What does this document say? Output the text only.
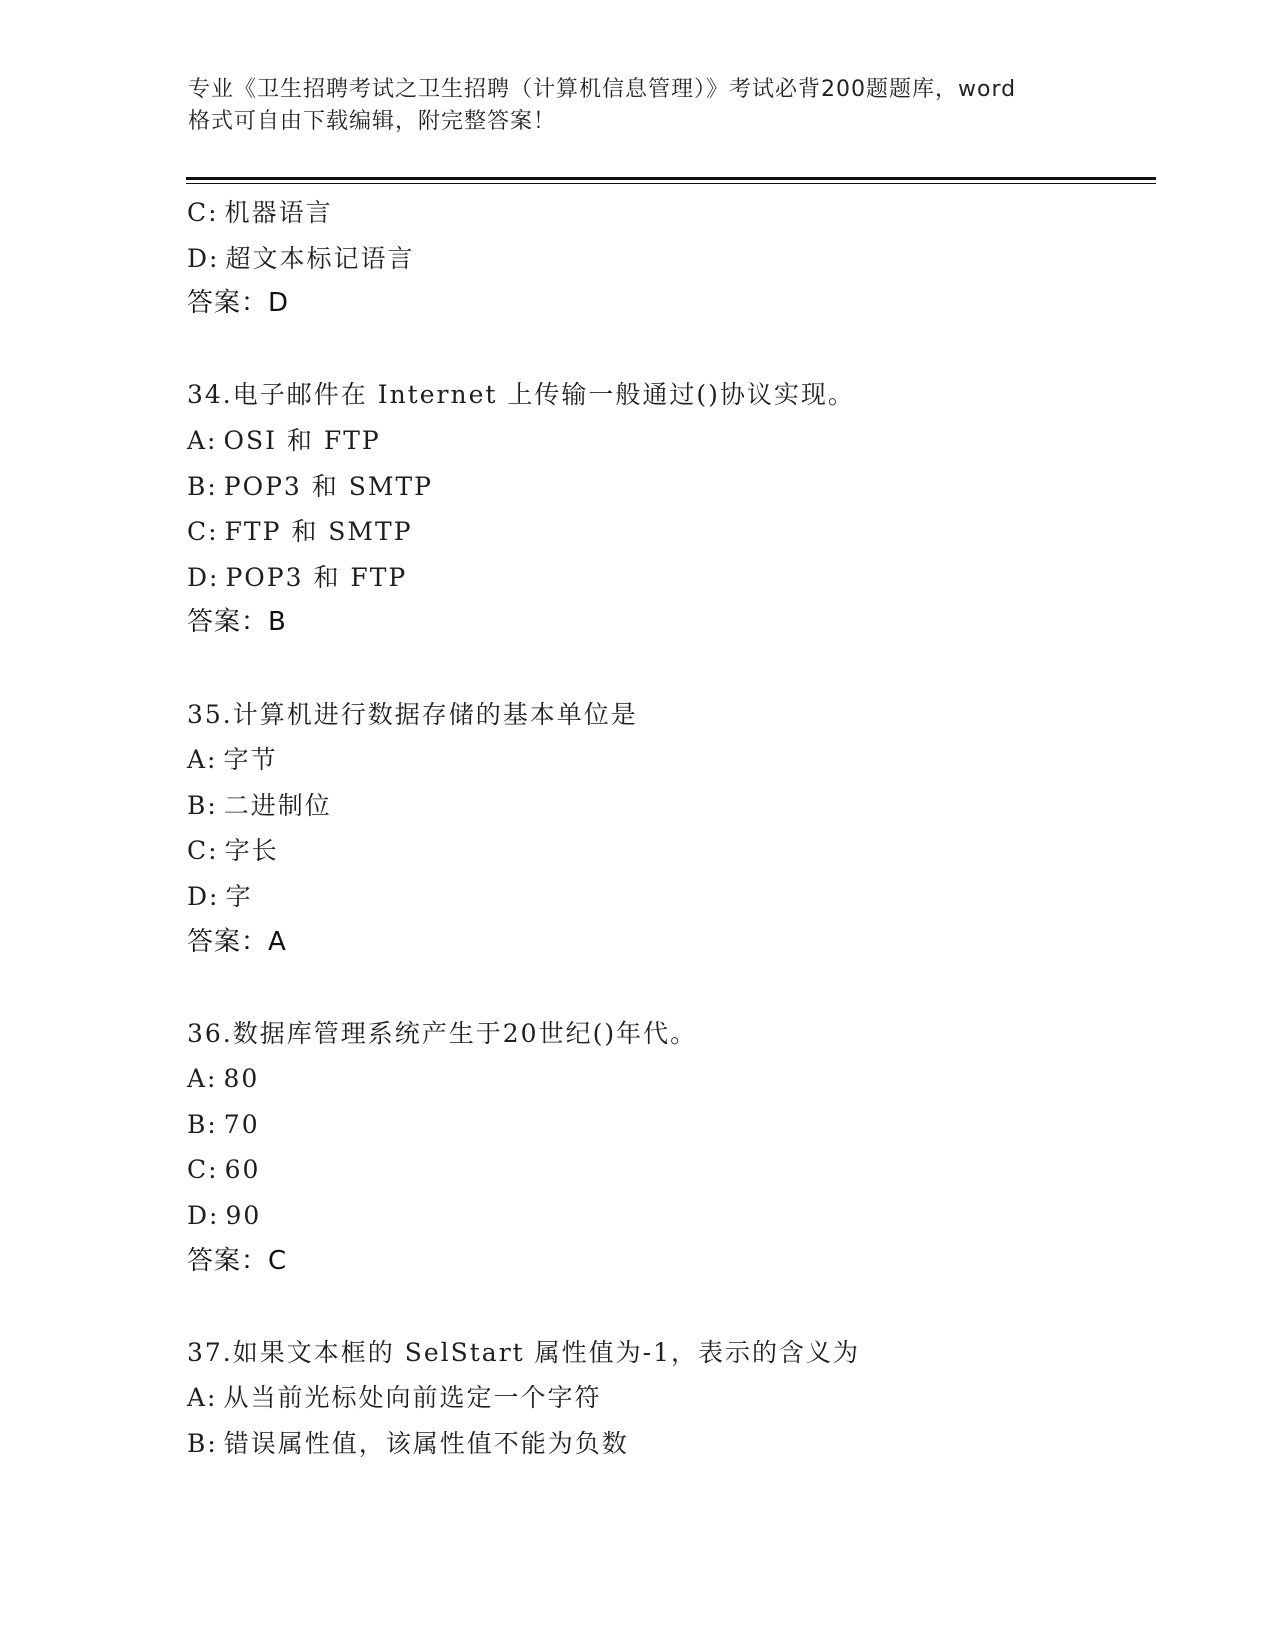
专业《卫生招聘考试之卫生招聘（计算机信息管理）》考试必背200题题库，word
格式可自由下载编辑，附完整答案！
C: 机器语言
D: 超文本标记语言
答案：D
34.电子邮件在 Internet 上传输一般通过()协议实现。
A: OSI 和 FTP
B: POP3 和 SMTP
C: FTP 和 SMTP
D: POP3 和 FTP
答案：B
35.计算机进行数据存储的基本单位是
A: 字节
B: 二进制位
C: 字长
D: 字
答案：A
36.数据库管理系统产生于20世纪()年代。
A: 80
B: 70
C: 60
D: 90
答案：C
37.如果文本框的 SelStart 属性值为-1，表示的含义为
A: 从当前光标处向前选定一个字符
B: 错误属性值，该属性值不能为负数
